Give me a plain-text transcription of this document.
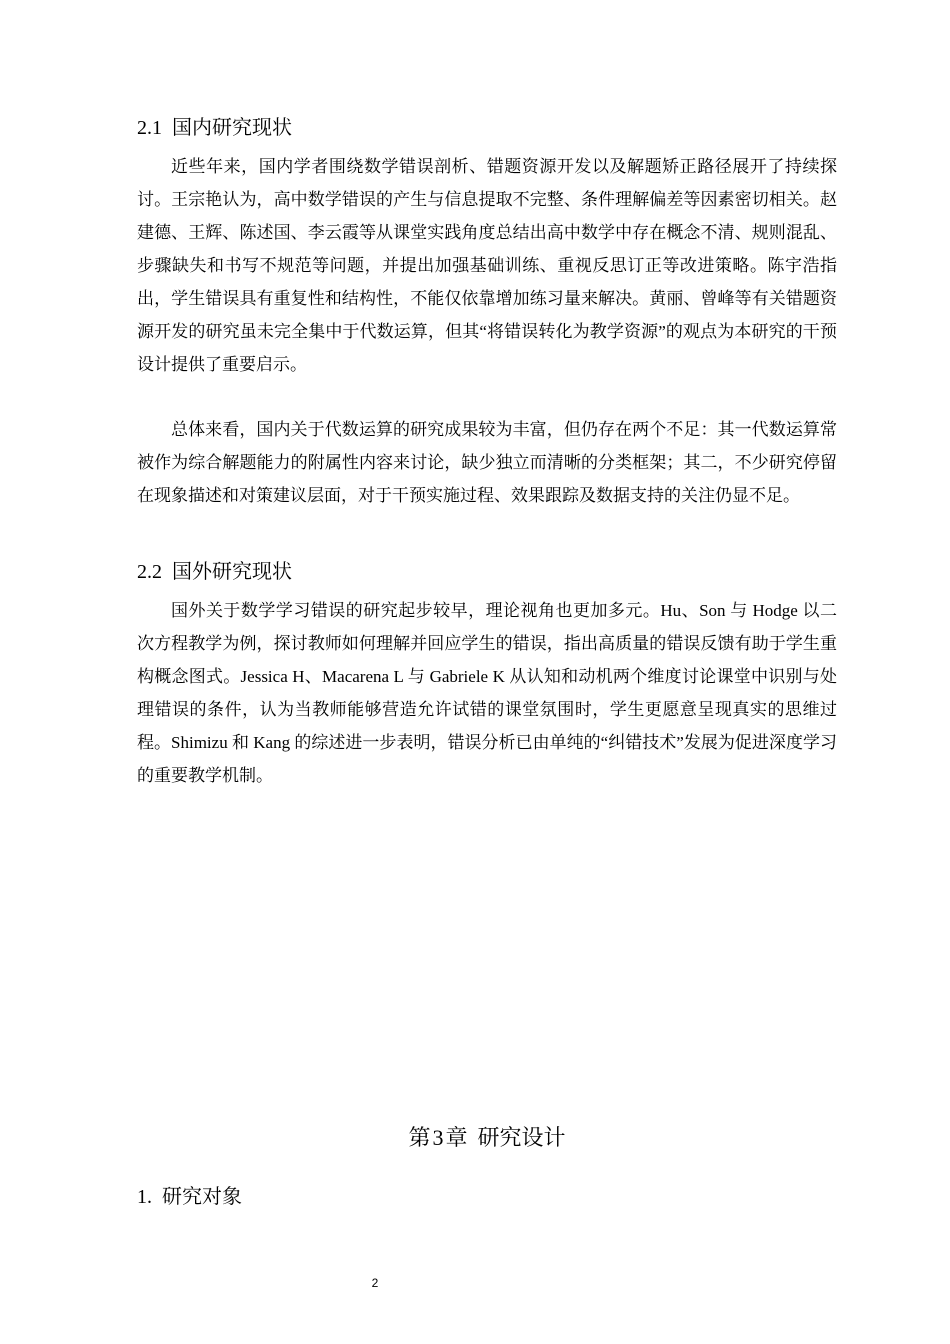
2.1 国内研究现状

近些年来，国内学者围绕数学错误剖析、错题资源开发以及解题矫正路径展开了持续探讨。王宗艳认为，高中数学错误的产生与信息提取不完整、条件理解偏差等因素密切相关。赵建德、王辉、陈述国、李云霞等从课堂实践角度总结出高中数学中存在概念不清、规则混乱、步骤缺失和书写不规范等问题，并提出加强基础训练、重视反思订正等改进策略。陈宇浩指出，学生错误具有重复性和结构性，不能仅依靠增加练习量来解决。黄丽、曾峰等有关错题资源开发的研究虽未完全集中于代数运算，但其“将错误转化为教学资源”的观点为本研究的干预设计提供了重要启示。

总体来看，国内关于代数运算的研究成果较为丰富，但仍存在两个不足：其一代数运算常被作为综合解题能力的附属性内容来讨论，缺少独立而清晰的分类框架；其二，不少研究停留在现象描述和对策建议层面，对于干预实施过程、效果跟踪及数据支持的关注仍显不足。

2.2 国外研究现状

国外关于数学学习错误的研究起步较早，理论视角也更加多元。Hu、Son 与 Hodge 以二次方程教学为例，探讨教师如何理解并回应学生的错误，指出高质量的错误反馈有助于学生重构概念图式。Jessica H、Macarena L 与 Gabriele K 从认知和动机两个维度讨论课堂中识别与处理错误的条件，认为当教师能够营造允许试错的课堂氛围时，学生更愿意呈现真实的思维过程。Shimizu 和 Kang 的综述进一步表明，错误分析已由单纯的“纠错技术”发展为促进深度学习的重要教学机制。

第3章 研究设计
1. 研究对象
2
